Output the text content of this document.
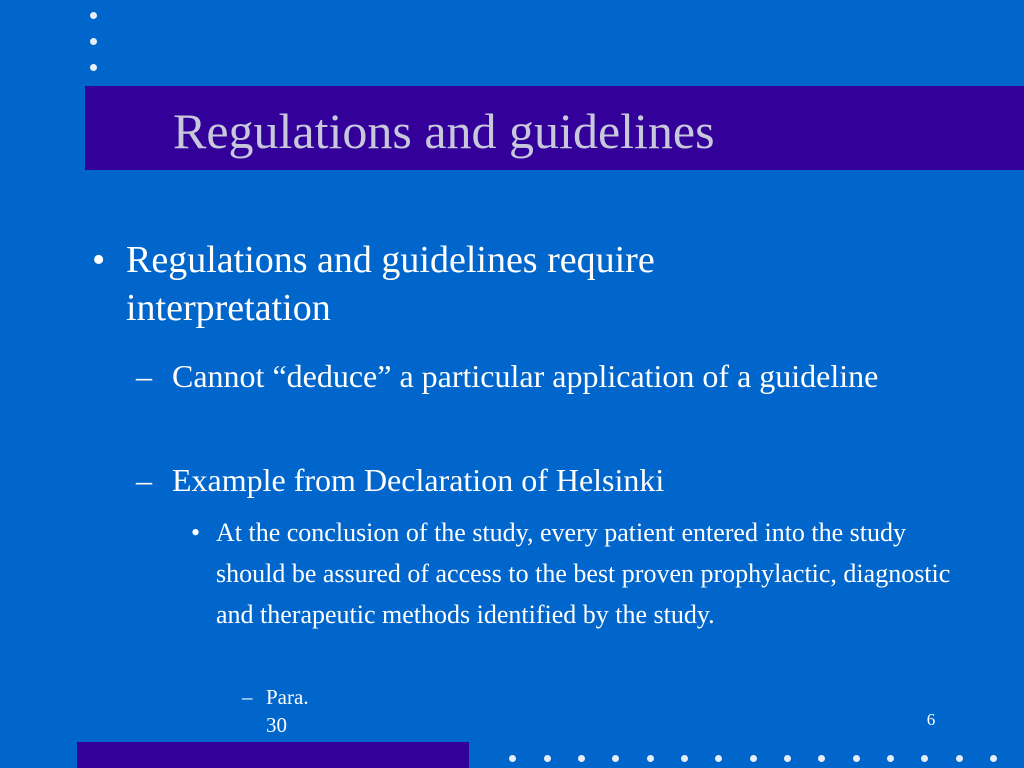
Regulations and guidelines
• Regulations and guidelines require interpretation
– Cannot “deduce” a particular application of a guideline
– Example from Declaration of Helsinki
• At the conclusion of the study, every patient entered into the study should be assured of access to the best proven prophylactic, diagnostic and therapeutic methods identified by the study.
– Para. 30	6
